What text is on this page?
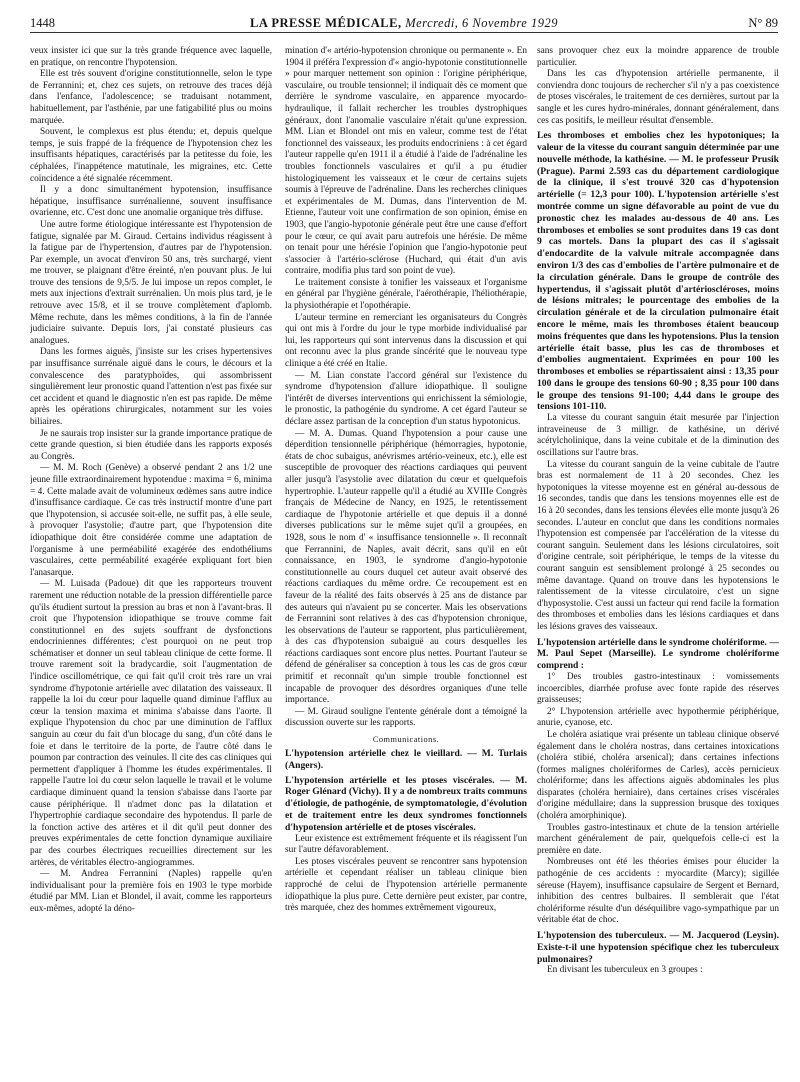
1448	LA PRESSE MÉDICALE, Mercredi, 6 Novembre 1929	N° 89

veux insister ici que sur la très grande fréquence avec laquelle, en pratique, on rencontre l'hypotension.

Elle est très souvent d'origine constitutionnelle, selon le type de Ferrannini; et, chez ces sujets, on retrouve des traces déjà dans l'enfance, l'adolescence; se traduisant notamment, habituellement, par l'asthénie, par une fatigabilité plus ou moins marquée.

Souvent, le complexus est plus étendu; et, depuis quelque temps, je suis frappé de la fréquence de l'hypotension chez les insuffisants hépatiques, caractérisés par la petitesse du foie, les céphalées, l'inappétence matutinale, les migraines, etc. Cette coïncidence a été signalée récemment.

Il y a donc simultanément hypotension, insuffisance hépatique, insuffisance surrénalienne, souvent insuffisance ovarienne, etc. C'est donc une anomalie organique très diffuse.

Une autre forme étiologique intéressante est l'hypotension de fatigue, signalée par M. Giraud. Certains individus réagissent à la fatigue par de l'hypertension, d'autres par de l'hypotension. Par exemple, un avocat d'environ 50 ans, très surchargé, vient me trouver, se plaignant d'être éreinté, n'en pouvant plus. Je lui trouve des tensions de 9,5/5. Je lui impose un repos complet, le mets aux injections d'extrait surrénalien. Un mois plus tard, je le retrouve avec 15/8, et il se trouve complètement d'aplomb. Même rechute, dans les mêmes conditions, à la fin de l'année judiciaire suivante. Depuis lors, j'ai constaté plusieurs cas analogues.

Dans les formes aiguës, j'insiste sur les crises hypertensives par insuffisance surrénale aiguë dans le cours, le décours et la convalescence des paratyphoïdes, qui assombrissent singulièrement leur pronostic quand l'attention n'est pas fixée sur cet accident et quand le diagnostic n'en est pas rapide. De même après les opérations chirurgicales, notamment sur les voies biliaires.

Je ne saurais trop insister sur la grande importance pratique de cette grande question, si bien étudiée dans les rapports exposés au Congrès.

— M. M. Roch (Genève) a observé pendant 2 ans 1/2 une jeune fille extraordinairement hypotendue : maxima = 6, minima = 4. Cette malade avait de volumineux œdèmes sans autre indice d'insuffisance cardiaque. Ce cas très instructif montre d'une part que l'hypotension, si accusée soit-elle, ne suffit pas, à elle seule, à provoquer l'asystolie; d'autre part, que l'hypotension dite idiopathique doit être considérée comme une adaptation de l'organisme à une perméabilité exagérée des endothéliums vasculaires, cette perméabilité exagérée expliquant fort bien l'anasarque.

— M. Luisada (Padoue) dit que les rapporteurs trouvent rarement une réduction notable de la pression différentielle parce qu'ils étudient surtout la pression au bras et non à l'avant-bras. Il croit que l'hypotension idiopathique se trouve comme fait constitutionnel en des sujets souffrant de dysfonctions endocriniennes différentes; c'est pourquoi on ne peut trop schématiser et donner un seul tableau clinique de cette forme. Il trouve rarement soit la bradycardie, soit l'augmentation de l'indice oscillométrique, ce qui fait qu'il croit très rare un vrai syndrome d'hypotonie artérielle avec dilatation des vaisseaux. Il rappelle la loi du cœur pour laquelle quand diminue l'afflux au cœur la tension maxima et minima s'abaisse dans l'aorte. Il explique l'hypotension du choc par une diminution de l'afflux sanguin au cœur du fait d'un blocage du sang, d'un côté dans le foie et dans le territoire de la porte, de l'autre côté dans le poumon par contraction des veinules. Il cite des cas cliniques qui permettent d'appliquer à l'homme les études expérimentales. Il rappelle l'autre loi du cœur selon laquelle le travail et le volume cardiaque diminuent quand la tension s'abaisse dans l'aorte par cause périphérique. Il n'admet donc pas la dilatation et l'hypertrophie cardiaque secondaire des hypotendus. Il parle de la fonction active des artères et il dit qu'il peut donner des preuves expérimentales de cette fonction dynamique auxiliaire par des courbes électriques recueillies directement sur les artères, de véritables électro-angiogrammes.

— M. Andrea Ferrannini (Naples) rappelle qu'en individualisant pour la première fois en 1903 le type morbide étudié par MM. Lian et Blondel, il avait, comme les rapporteurs eux-mêmes, adopté la déno-

mination d'« artério-hypotension chronique ou permanente ». En 1904 il préféra l'expression d'« angio-hypotonie constitutionnelle » pour marquer nettement son opinion : l'origine périphérique, vasculaire, ou trouble tensionnel; il indiquait dès ce moment que derrière le syndrome vasculaire, en apparence myocardo-hydraulique, il fallait rechercher les troubles dystrophiques généraux, dont l'anomalie vasculaire n'était qu'une expression. MM. Lian et Blondel ont mis en valeur, comme test de l'état fonctionnel des vaisseaux, les produits endocriniens : à cet égard l'auteur rappelle qu'en 1911 il a étudié à l'aide de l'adrénaline les troubles fonctionnels vasculaires et qu'il a pu étudier histologiquement les vaisseaux et le cœur de certains sujets soumis à l'épreuve de l'adrénaline. Dans les recherches cliniques et expérimentales de M. Dumas, dans l'intervention de M. Etienne, l'auteur voit une confirmation de son opinion, émise en 1903, que l'angio-hypotonie générale peut être une cause d'effort pour le cœur, ce qui avait paru autrefois une hérésie. De même on tenait pour une hérésie l'opinion que l'angio-hypotonie peut s'associer à l'artério-sclérose (Huchard, qui était d'un avis contraire, modifia plus tard son point de vue).

Le traitement consiste à tonifier les vaisseaux et l'organisme en général par l'hygiène générale, l'aérothérapie, l'héliothérapie, la physiothérapie et l'opothérapie.

L'auteur termine en remerciant les organisateurs du Congrès qui ont mis à l'ordre du jour le type morbide individualisé par lui, les rapporteurs qui sont intervenus dans la discussion et qui ont reconnu avec la plus grande sincérité que le nouveau type clinique a été créé en Italie.

— M. Lian constate l'accord général sur l'existence du syndrome d'hypotension d'allure idiopathique. Il souligne l'intérêt de diverses interventions qui enrichissent la sémiologie, le pronostic, la pathogénie du syndrome. A cet égard l'auteur se déclare assez partisan de la conception d'un status hypotonicus.

— M. A. Dumas. Quand l'hypotension a pour cause une déperdition tensionnelle périphérique (hémorragies, hypotonie, états de choc subaigus, anévrismes artério-veineux, etc.), elle est susceptible de provoquer des réactions cardiaques qui peuvent aller jusqu'à l'asystolie avec dilatation du cœur et quelquefois hypertrophie. L'auteur rappelle qu'il a étudié au XVIIIe Congrès français de Médecine de Nancy, en 1925, le retentissement cardiaque de l'hypotonie artérielle et que depuis il a donné diverses publications sur le même sujet qu'il a groupées, en 1928, sous le nom d' « insuffisance tensionnelle ». Il reconnaît que Ferrannini, de Naples, avait décrit, sans qu'il en eût connaissance, en 1903, le syndrome d'angio-hypotonie constitutionnelle au cours duquel cet auteur avait observé des réactions cardiaques du même ordre. Ce recoupement est en faveur de la réalité des faits observés à 25 ans de distance par des auteurs qui n'avaient pu se concerter. Mais les observations de Ferrannini sont relatives à des cas d'hypotension chronique, les observations de l'auteur se rapportent, plus particulièrement, à des cas d'hypotension subaiguë au cours desquelles les réactions cardiaques sont encore plus nettes. Pourtant l'auteur se défend de généraliser sa conception à tous les cas de gros cœur primitif et reconnaît qu'un simple trouble fonctionnel est incapable de provoquer des désordres organiques d'une telle importance.

— M. Giraud souligne l'entente générale dont a témoigné la discussion ouverte sur les rapports.

Communications.
L'hypotension artérielle chez le vieillard. — M. Turlais (Angers).
L'hypotension artérielle et les ptoses viscérales. — M. Roger Glénard (Vichy). Il y a de nombreux traits communs d'étiologie, de pathogénie, de symptomatologie, d'évolution et de traitement entre les deux syndromes fonctionnels d'hypotension artérielle et de ptoses viscérales.

Leur existence est extrêmement fréquente et ils réagissent l'un sur l'autre défavorablement.

Les ptoses viscérales peuvent se rencontrer sans hypotension artérielle et cependant réaliser un tableau clinique bien rapproché de celui de l'hypotension artérielle permanente idiopathique la plus pure. Cette dernière peut exister, par contre, très marquée, chez des hommes extrêmement vigoureux,

sans provoquer chez eux la moindre apparence de trouble particulier.

Dans les cas d'hypotension artérielle permanente, il conviendra donc toujours de rechercher s'il n'y a pas coexistence de ptoses viscérales, le traitement de ces dernières, surtout par la sangle et les cures hydro-minérales, donnant généralement, dans ces cas positifs, le meilleur résultat d'ensemble.

Les thromboses et embolies chez les hypotoniques; la valeur de la vitesse du courant sanguin déterminée par une nouvelle méthode, la kathésine. — M. le professeur Prusik (Prague). Parmi 2.593 cas du département cardiologique de la clinique, il s'est trouvé 320 cas d'hypotension artérielle (= 12,3 pour 100). L'hypotension artérielle s'est montrée comme un signe défavorable au point de vue du pronostic chez les malades au-dessous de 40 ans. Les thromboses et embolies se sont produites dans 19 cas dont 9 cas mortels. Dans la plupart des cas il s'agissait d'endocardite de la valvule mitrale accompagnée dans environ 1/3 des cas d'embolies de l'artère pulmonaire et de la circulation générale. Dans le groupe de contrôle des hypertendus, il s'agissait plutôt d'artérioscléroses, moins de lésions mitrales; le pourcentage des embolies de la circulation générale et de la circulation pulmonaire était encore le même, mais les thromboses étaient beaucoup moins fréquentes que dans les hypotensions. Plus la tension artérielle était basse, plus les cas de thromboses et d'embolies augmentaient. Exprimées en pour 100 les thromboses et embolies se répartissaient ainsi : 13,35 pour 100 dans le groupe des tensions 60-90 ; 8,35 pour 100 dans le groupe des tensions 91-100; 4,44 dans le groupe des tensions 101-110.

La vitesse du courant sanguin était mesurée par l'injection intraveineuse de 3 milligr. de kathésine, un dérivé acétylcholinique, dans la veine cubitale et de la diminution des oscillations sur l'autre bras.

La vitesse du courant sanguin de la veine cubitale de l'autre bras est normalement de 11 à 20 secondes. Chez les hypotoniques la vitesse moyenne est en général au-dessous de 16 secondes, tandis que dans les tensions moyennes elle est de 16 à 20 secondes, dans les tensions élevées elle monte jusqu'à 26 secondes. L'auteur en conclut que dans les conditions normales l'hypotension est compensée par l'accélération de la vitesse du courant sanguin. Seulement dans les lésions circulatoires, soit d'origine centrale, soit périphérique, le temps de la vitesse du courant sanguin est sensiblement prolongé à 25 secondes ou même davantage. Quand on trouve dans les hypotensions le ralentissement de la vitesse circulatoire, c'est un signe d'hyposystolie. C'est aussi un facteur qui rend facile la formation des thromboses et embolies dans les lésions cardiaques et dans les lésions graves des vaisseaux.

L'hypotension artérielle dans le syndrome cholériforme. — M. Paul Sepet (Marseille). Le syndrome cholériforme comprend :

1° Des troubles gastro-intestinaux : vomissements incoercibles, diarrhée profuse avec fonte rapide des réserves graisseuses;

2° L'hypotension artérielle avec hypothermie périphérique, anurie, cyanose, etc.

Le choléra asiatique vrai présente un tableau clinique observé également dans le choléra nostras, dans certaines intoxications (choléra stibié, choléra arsenical); dans certaines infections (formes malignes cholériformes de Carles), accès pernicieux cholériforme; dans les affections aiguës abdominales les plus disparates (choléra herniaire), dans certaines crises viscérales d'origine médullaire; dans la suppression brusque des toxiques (choléra amorphinique).

Troubles gastro-intestinaux et chute de la tension artérielle marchent généralement de pair, quelquefois celle-ci est la première en date.

Nombreuses ont été les théories émises pour élucider la pathogénie de ces accidents : myocardite (Marcy); sigillée séreuse (Hayem), insuffisance capsulaire de Sergent et Bernard, inhibition des centres bulbaires. Il semblerait que l'état cholériforme résulte d'un déséquilibre vago-sympathique par un véritable état de choc.

L'hypotension des tuberculeux. — M. Jacquerod (Leysin). Existe-t-il une hypotension spécifique chez les tuberculeux pulmonaires?

En divisant les tuberculeux en 3 groupes :
